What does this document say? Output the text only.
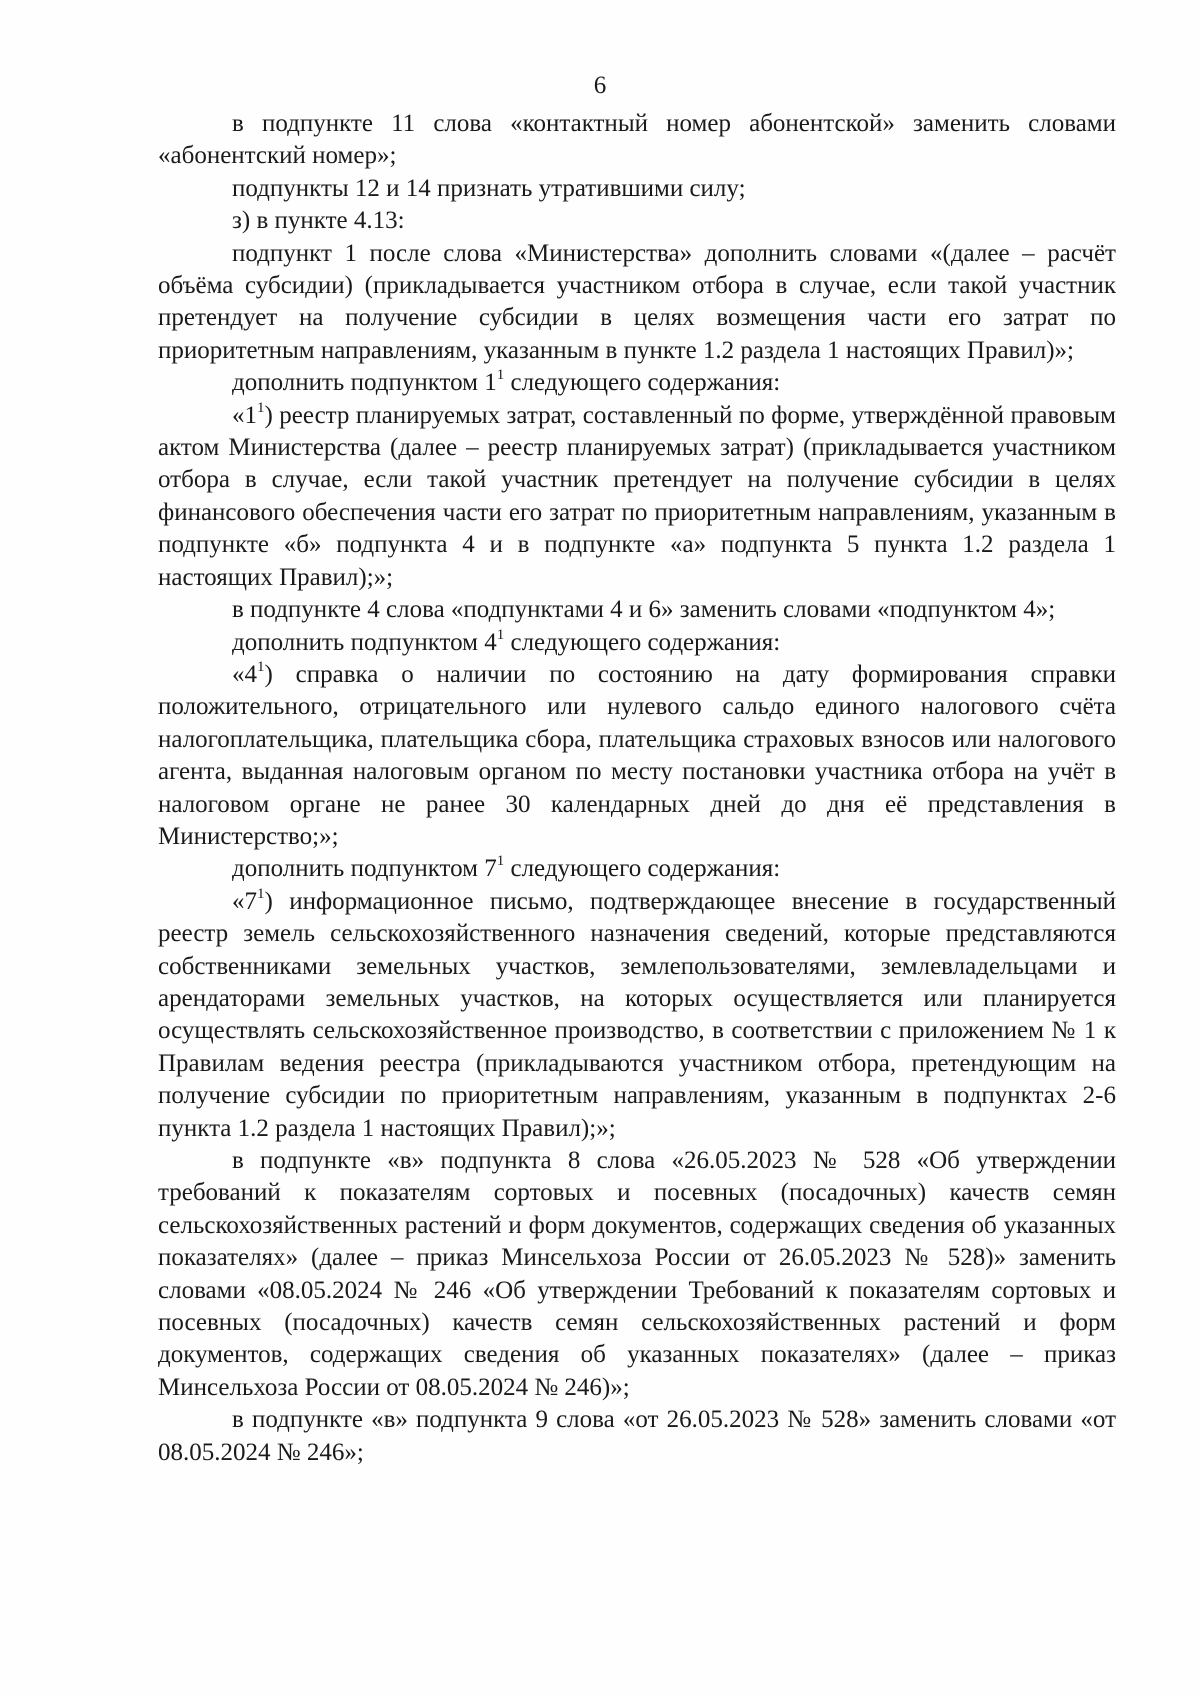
6

в подпункте 11 слова «контактный номер абонентской» заменить словами «абонентский номер»;

подпункты 12 и 14 признать утратившими силу;

з) в пункте 4.13:

подпункт 1 после слова «Министерства» дополнить словами «(далее – расчёт объёма субсидии) (прикладывается участником отбора в случае, если такой участник претендует на получение субсидии в целях возмещения части его затрат по приоритетным направлениям, указанным в пункте 1.2 раздела 1 настоящих Правил)»;

дополнить подпунктом $1^1$ следующего содержания:

«$1^1$) реестр планируемых затрат, составленный по форме, утверждённой правовым актом Министерства (далее – реестр планируемых затрат) (прикладывается участником отбора в случае, если такой участник претендует на получение субсидии в целях финансового обеспечения части его затрат по приоритетным направлениям, указанным в подпункте «б» подпункта 4 и в подпункте «а» подпункта 5 пункта 1.2 раздела 1 настоящих Правил);»;

в подпункте 4 слова «подпунктами 4 и 6» заменить словами «подпунктом 4»;

дополнить подпунктом $4^1$ следующего содержания:

«$4^1$) справка о наличии по состоянию на дату формирования справки положительного, отрицательного или нулевого сальдо единого налогового счёта налогоплательщика, плательщика сбора, плательщика страховых взносов или налогового агента, выданная налоговым органом по месту постановки участника отбора на учёт в налоговом органе не ранее 30 календарных дней до дня её представления в Министерство;»;

дополнить подпунктом $7^1$ следующего содержания:

«$7^1$) информационное письмо, подтверждающее внесение в государственный реестр земель сельскохозяйственного назначения сведений, которые представляются собственниками земельных участков, землепользователями, землевладельцами и арендаторами земельных участков, на которых осуществляется или планируется осуществлять сельскохозяйственное производство, в соответствии с приложением № 1 к Правилам ведения реестра (прикладываются участником отбора, претендующим на получение субсидии по приоритетным направлениям, указанным в подпунктах 2-6 пункта 1.2 раздела 1 настоящих Правил);»;

в подпункте «в» подпункта 8 слова «26.05.2023 № 528 «Об утверждении требований к показателям сортовых и посевных (посадочных) качеств семян сельскохозяйственных растений и форм документов, содержащих сведения об указанных показателях» (далее – приказ Минсельхоза России от 26.05.2023 № 528)» заменить словами «08.05.2024 № 246 «Об утверждении Требований к показателям сортовых и посевных (посадочных) качеств семян сельскохозяйственных растений и форм документов, содержащих сведения об указанных показателях» (далее – приказ Минсельхоза России от 08.05.2024 № 246)»;

в подпункте «в» подпункта 9 слова «от 26.05.2023 № 528» заменить словами «от 08.05.2024 № 246»;
